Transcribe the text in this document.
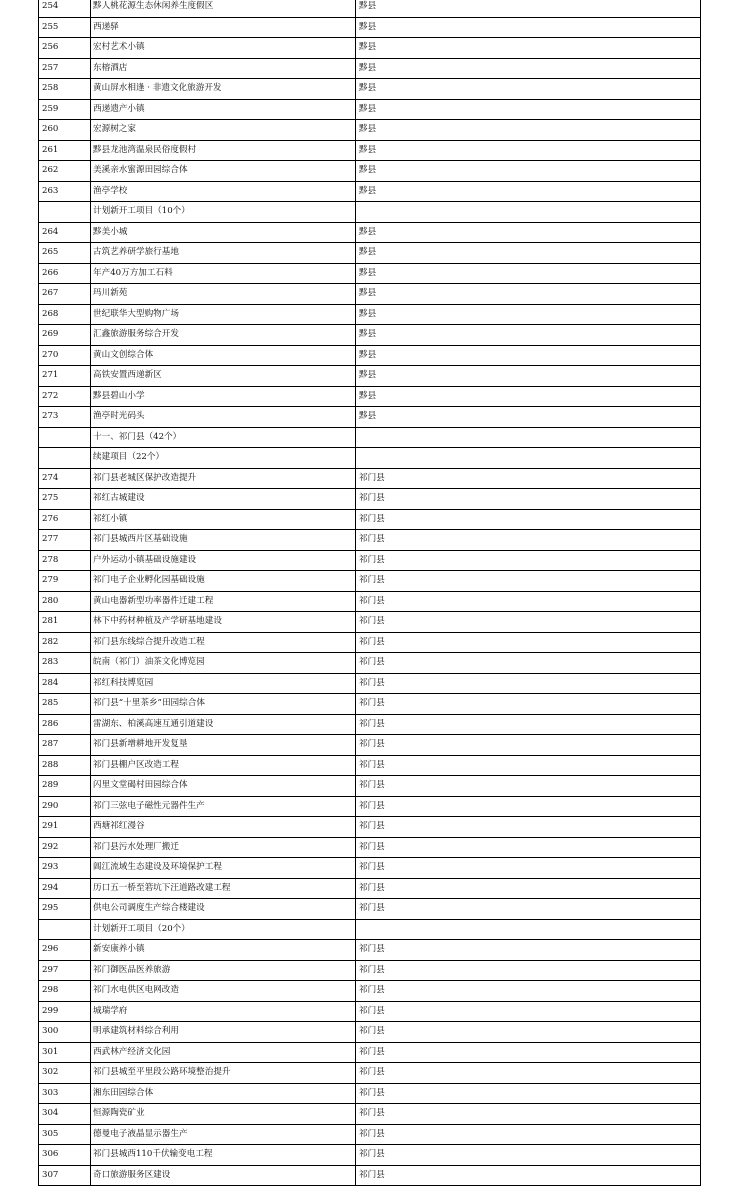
254	黟人桃花源生态休闲养生度假区	黟县
255	西递驿	黟县
256	宏村艺术小镇	黟县
257	东榕酒店	黟县
258	黄山屏水相逢 · 非遗文化旅游开发	黟县
259	西递遗产小镇	黟县
260	宏源树之家	黟县
261	黟县龙池湾温泉民俗度假村	黟县
262	美溪亲水蜜源田园综合体	黟县
263	渔亭学校	黟县
	计划新开工项目（10个）	
264	黟美小城	黟县
265	古筑艺养研学旅行基地	黟县
266	年产40万方加工石料	黟县
267	玛川新苑	黟县
268	世纪联华大型购物广场	黟县
269	汇鑫旅游服务综合开发	黟县
270	黄山文创综合体	黟县
271	高铁安置西递新区	黟县
272	黟县碧山小学	黟县
273	渔亭时光码头	黟县
	十一、祁门县（42个）	
	续建项目（22个）	
274	祁门县老城区保护改造提升	祁门县
275	祁红古城建设	祁门县
276	祁红小镇	祁门县
277	祁门县城西片区基础设施	祁门县
278	户外运动小镇基础设施建设	祁门县
279	祁门电子企业孵化园基础设施	祁门县
280	黄山电器新型功率器件迁建工程	祁门县
281	林下中药材种植及产学研基地建设	祁门县
282	祁门县东线综合提升改造工程	祁门县
283	皖南（祁门）油茶文化博览园	祁门县
284	祁红科技博览园	祁门县
285	祁门县“十里茶乡”田园综合体	祁门县
286	雷湖东、柏溪高速互通引道建设	祁门县
287	祁门县新增耕地开发复垦	祁门县
288	祁门县棚户区改造工程	祁门县
289	闪里文堂碣村田园综合体	祁门县
290	祁门三弦电子磁性元器件生产	祁门县
291	西塘祁红漫谷	祁门县
292	祁门县污水处理厂搬迁	祁门县
293	阊江流域生态建设及环境保护工程	祁门县
294	历口五一桥至箬坑下汪道路改建工程	祁门县
295	供电公司调度生产综合楼建设	祁门县
	计划新开工项目（20个）	
296	新安康养小镇	祁门县
297	祁门御医品医养旅游	祁门县
298	祁门水电供区电网改造	祁门县
299	城瑞学府	祁门县
300	明承建筑材料综合利用	祁门县
301	西武林产经济文化园	祁门县
302	祁门县城至平里段公路环境整治提升	祁门县
303	湘东田园综合体	祁门县
304	恒源陶瓷矿业	祁门县
305	德曼电子液晶显示器生产	祁门县
306	祁门县城西110千伏输变电工程	祁门县
307	奇口旅游服务区建设	祁门县
